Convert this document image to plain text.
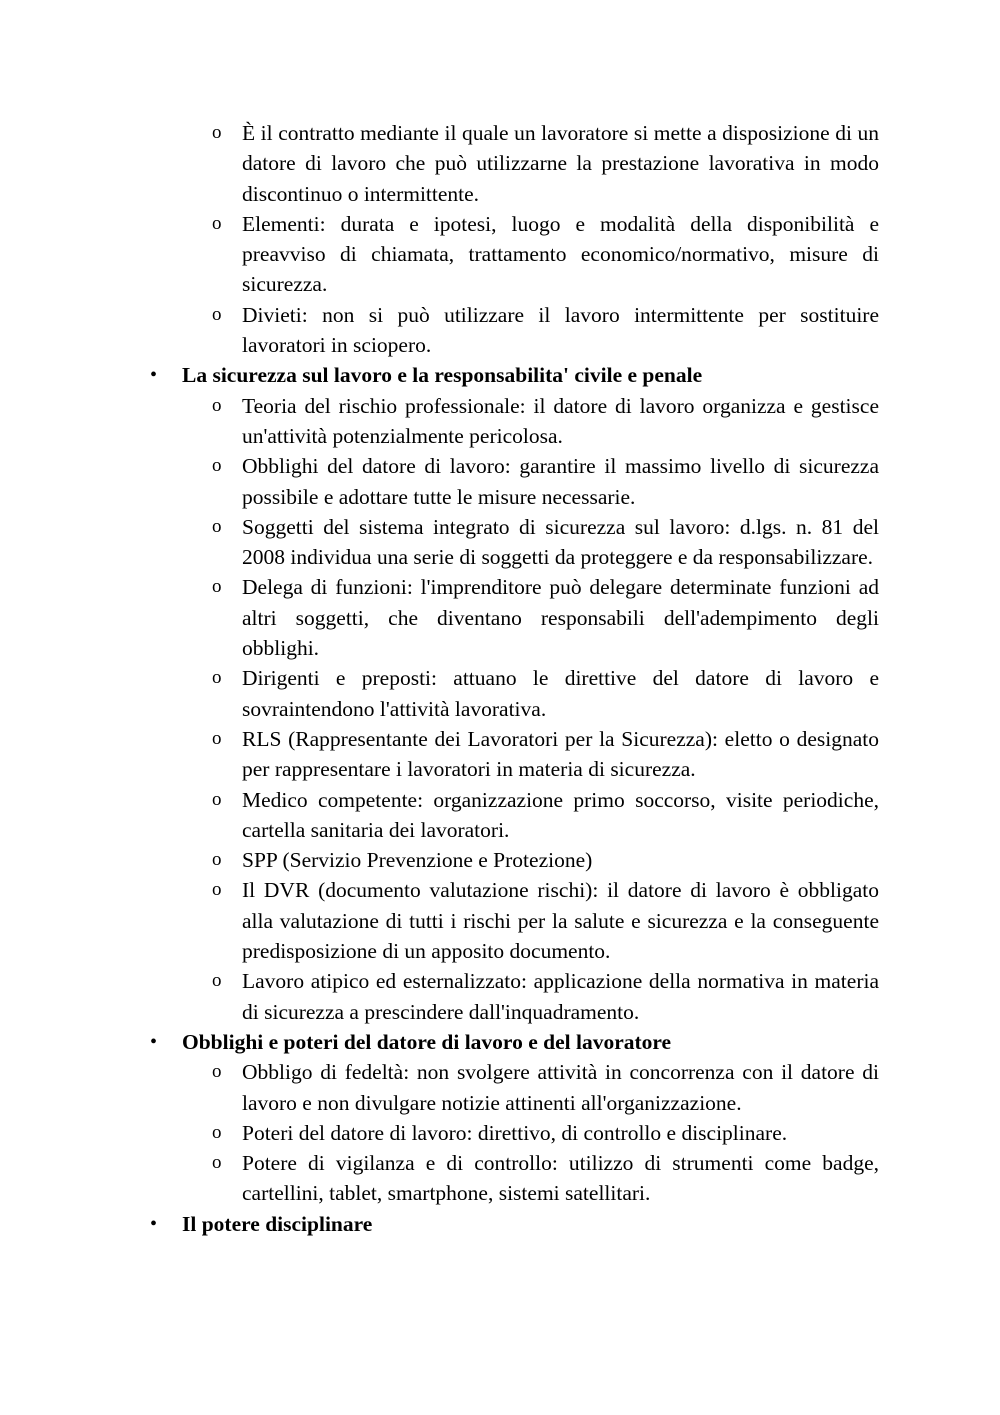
o È il contratto mediante il quale un lavoratore si mette a disposizione di un datore di lavoro che può utilizzarne la prestazione lavorativa in modo discontinuo o intermittente.

o Elementi: durata e ipotesi, luogo e modalità della disponibilità e preavviso di chiamata, trattamento economico/normativo, misure di sicurezza.

o Divieti: non si può utilizzare il lavoro intermittente per sostituire lavoratori in sciopero.

• La sicurezza sul lavoro e la responsabilita' civile e penale

o Teoria del rischio professionale: il datore di lavoro organizza e gestisce un'attività potenzialmente pericolosa.

o Obblighi del datore di lavoro: garantire il massimo livello di sicurezza possibile e adottare tutte le misure necessarie.

o Soggetti del sistema integrato di sicurezza sul lavoro: d.lgs. n. 81 del 2008 individua una serie di soggetti da proteggere e da responsabilizzare.

o Delega di funzioni: l'imprenditore può delegare determinate funzioni ad altri soggetti, che diventano responsabili dell'adempimento degli obblighi.

o Dirigenti e preposti: attuano le direttive del datore di lavoro e sovraintendono l'attività lavorativa.

o RLS (Rappresentante dei Lavoratori per la Sicurezza): eletto o designato per rappresentare i lavoratori in materia di sicurezza.

o Medico competente: organizzazione primo soccorso, visite periodiche, cartella sanitaria dei lavoratori.

o SPP (Servizio Prevenzione e Protezione)

o Il DVR (documento valutazione rischi): il datore di lavoro è obbligato alla valutazione di tutti i rischi per la salute e sicurezza e la conseguente predisposizione di un apposito documento.

o Lavoro atipico ed esternalizzato: applicazione della normativa in materia di sicurezza a prescindere dall'inquadramento.

• Obblighi e poteri del datore di lavoro e del lavoratore

o Obbligo di fedeltà: non svolgere attività in concorrenza con il datore di lavoro e non divulgare notizie attinenti all'organizzazione.

o Poteri del datore di lavoro: direttivo, di controllo e disciplinare.

o Potere di vigilanza e di controllo: utilizzo di strumenti come badge, cartellini, tablet, smartphone, sistemi satellitari.

• Il potere disciplinare
